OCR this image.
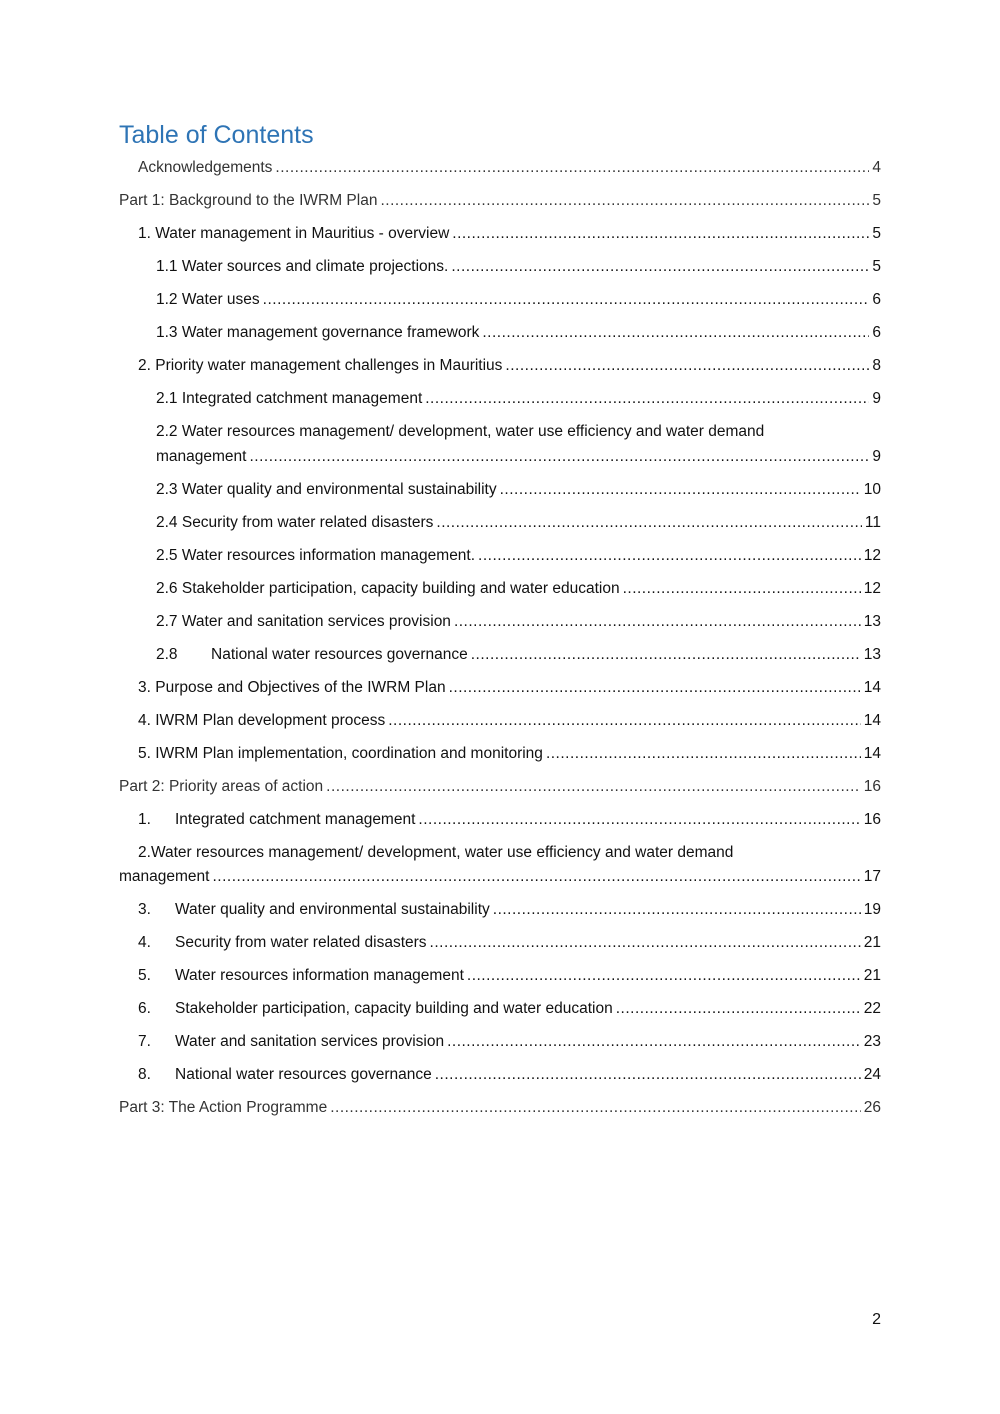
Table of Contents
Acknowledgements .....	4
Part 1: Background to the IWRM Plan .....	5
1. Water management in Mauritius - overview .....	5
1.1 Water sources and climate projections. .....	5
1.2 Water uses .....	6
1.3 Water management governance framework .....	6
2. Priority water management challenges in Mauritius .....	8
2.1 Integrated catchment management .....	9
2.2 Water resources management/ development, water use efficiency and water demand
management .....	9
2.3 Water quality and environmental sustainability .....	10
2.4 Security from water related disasters .....	11
2.5 Water resources information management. .....	12
2.6 Stakeholder participation, capacity building and water education .....	12
2.7 Water and sanitation services provision .....	13
2.8 National water resources governance .....	13
3. Purpose and Objectives of the IWRM Plan .....	14
4. IWRM Plan development process .....	14
5. IWRM Plan implementation, coordination and monitoring .....	14
Part 2: Priority areas of action .....	16
1. Integrated catchment management .....	16
2.Water resources management/ development, water use efficiency and water demand
management .....	17
3. Water quality and environmental sustainability .....	19
4. Security from water related disasters .....	21
5. Water resources information management .....	21
6. Stakeholder participation, capacity building and water education .....	22
7. Water and sanitation services provision .....	23
8. National water resources governance .....	24
Part 3: The Action Programme .....	26
2
